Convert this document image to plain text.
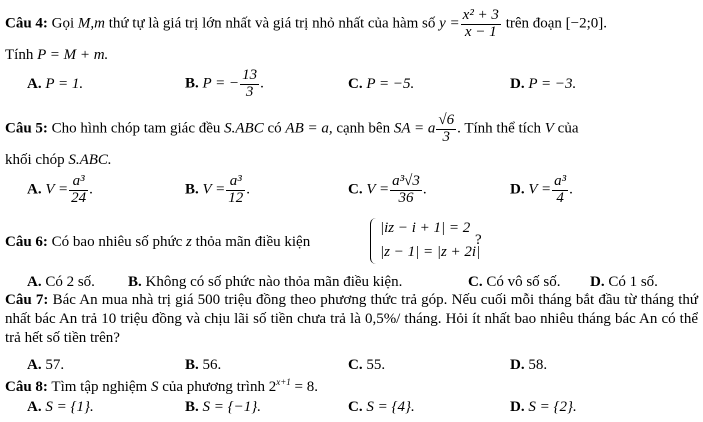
Câu 4: Gọi M,m thứ tự là giá trị lớn nhất và giá trị nhỏ nhất của hàm số $y = \frac{\text{x² + 3}}{x - 1}$ trên đoạn [−2;0].
Tính P = M + m.
A. P = 1.	B. P = − $\frac{13}{3}$ .	C. P = −5.	D. P = −3.
Câu 5: Cho hình chóp tam giác đều S.ABC có AB = a, cạnh bên SA = a $\frac{√6}{3}$ . Tính thể tích V của
khối chóp S.ABC.
A. $V = \frac{\text{a³}}{24}$ .	B. $V = \frac{\text{a³}}{12}$ .	C. $V = \frac{\text{a³√3}}{36}$ .	D. $V = \frac{\text{a³}}{4}$ .
Câu 6: Có bao nhiêu số phức z thỏa mãn điều kiện
|iz − i + 1| = 2
|z − 1| = |z + 2i|
?
A. Có 2 số. B. Không có số phức nào thỏa mãn điều kiện.	C. Có vô số số. D. Có 1 số.
Câu 7: Bác An mua nhà trị giá 500 triệu đồng theo phương thức trả góp. Nếu cuối mỗi tháng bắt đầu từ tháng thứ nhất bác An trả 10 triệu đồng và chịu lãi số tiền chưa trả là 0,5%/ tháng. Hỏi ít nhất bao nhiêu tháng bác An có thể trả hết số tiền trên?
A. 57.	B. 56.	C. 55.	D. 58.
Câu 8: Tìm tập nghiệm S của phương trình $2^{x+1} = 8$.
A. S = {1}.	B. S = {−1}.	C. S = {4}.	D. S = {2}.
